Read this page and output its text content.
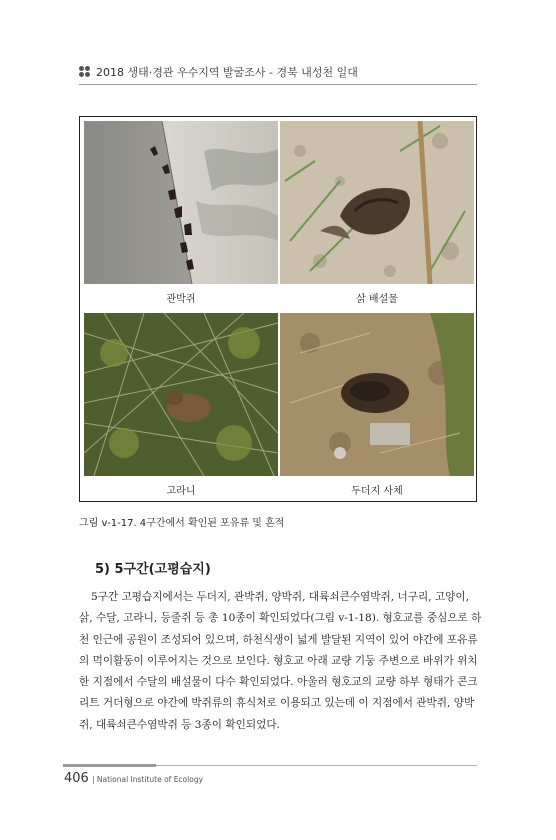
2018 생태·경관 우수지역 발굴조사 - 경북 내성천 일대
관박쥐	삵 배설물
고라니	두더지 사체
그림 v-1-17. 4구간에서 확인된 포유류 및 흔적
5) 5구간(고평습지)
5구간 고평습지에서는 두더지, 관박쥐, 양박쥐, 대륙쇠큰수염박쥐, 너구리, 고양이,
삵, 수달, 고라니, 등줄쥐 등 총 10종이 확인되었다(그림 v-1-18). 형호교를 중심으로 하
천 인근에 공원이 조성되어 있으며, 하천식생이 넓게 발달된 지역이 있어 야간에 포유류
의 먹이활동이 이루어지는 것으로 보인다. 형호교 아래 교량 기둥 주변으로 바위가 위치
한 지점에서 수달의 배설물이 다수 확인되었다. 아울러 형호교의 교량 하부 형태가 콘크
리트 거더형으로 야간에 박쥐류의 휴식처로 이용되고 있는데 이 지점에서 관박쥐, 양박
쥐, 대륙쇠큰수염박쥐 등 3종이 확인되었다.
406 | National Institute of Ecology
